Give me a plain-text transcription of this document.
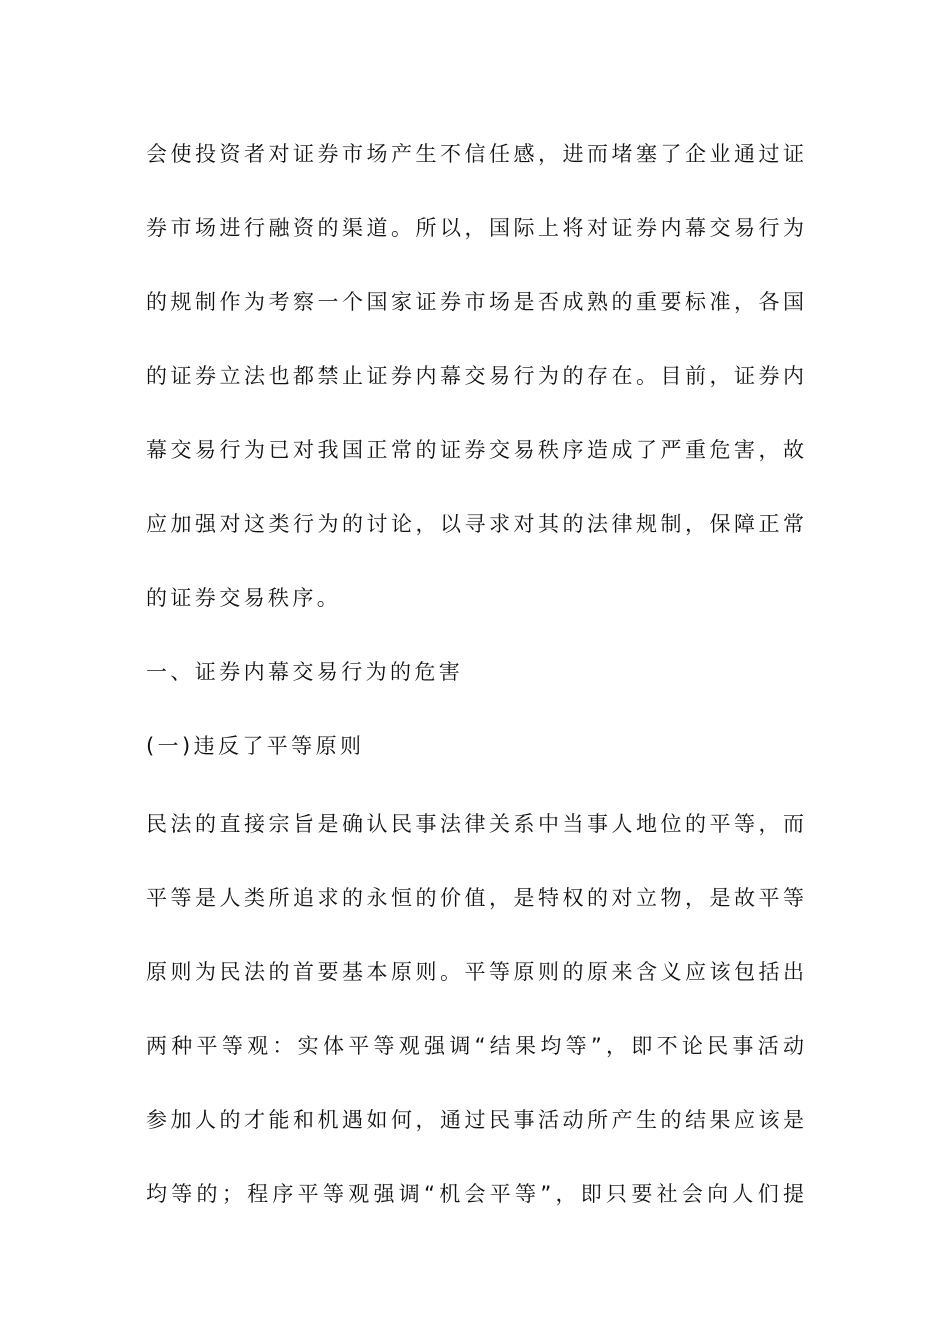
会使投资者对证券市场产生不信任感，进而堵塞了企业通过证
券市场进行融资的渠道。所以，国际上将对证券内幕交易行为
的规制作为考察一个国家证券市场是否成熟的重要标准，各国
的证券立法也都禁止证券内幕交易行为的存在。目前，证券内
幕交易行为已对我国正常的证券交易秩序造成了严重危害，故
应加强对这类行为的讨论，以寻求对其的法律规制，保障正常
的证券交易秩序。
一、证券内幕交易行为的危害
(一)违反了平等原则
民法的直接宗旨是确认民事法律关系中当事人地位的平等，而
平等是人类所追求的永恒的价值，是特权的对立物，是故平等
原则为民法的首要基本原则。平等原则的原来含义应该包括出
两种平等观：实体平等观强调“结果均等”，即不论民事活动
参加人的才能和机遇如何，通过民事活动所产生的结果应该是
均等的；程序平等观强调“机会平等”，即只要社会向人们提
